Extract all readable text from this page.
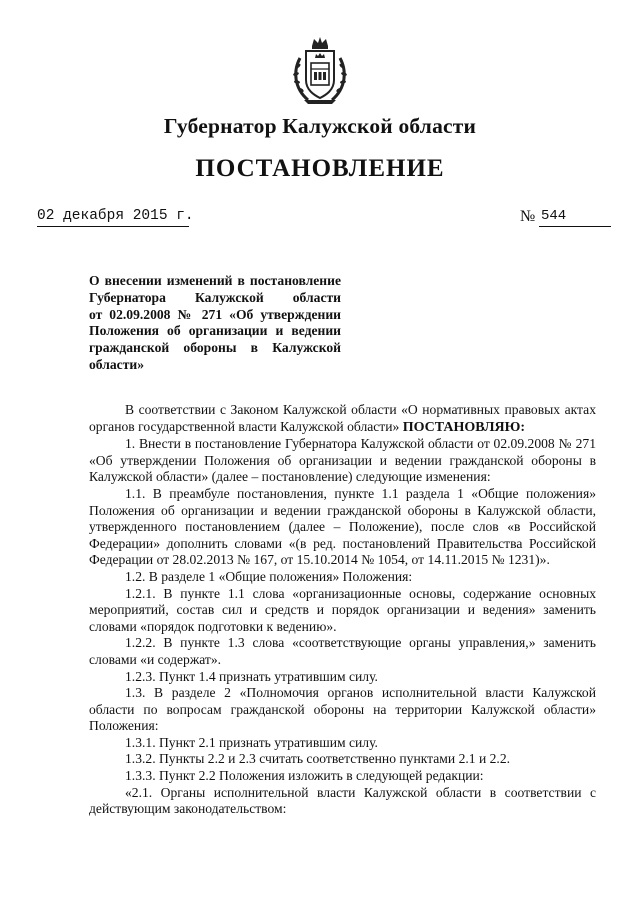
Губернатор Калужской области
ПОСТАНОВЛЕНИЕ
02 декабря 2015 г.	№ 544
О внесении изменений в постановление
Губернатора Калужской области
от 02.09.2008 № 271 «Об утверждении
Положения об организации и ведении
гражданской обороны в Калужской
области»

В соответствии с Законом Калужской области «О нормативных правовых актах органов государственной власти Калужской области» ПОСТАНОВЛЯЮ:

1. Внести в постановление Губернатора Калужской области от 02.09.2008 № 271 «Об утверждении Положения об организации и ведении гражданской обороны в Калужской области» (далее – постановление) следующие изменения:

1.1. В преамбуле постановления, пункте 1.1 раздела 1 «Общие положения» Положения об организации и ведении гражданской обороны в Калужской области, утвержденного постановлением (далее – Положение), после слов «в Российской Федерации» дополнить словами «(в ред. постановлений Правительства Российской Федерации от 28.02.2013 № 167, от 15.10.2014 № 1054, от 14.11.2015 № 1231)».

1.2. В разделе 1 «Общие положения» Положения:

1.2.1. В пункте 1.1 слова «организационные основы, содержание основных мероприятий, состав сил и средств и порядок организации и ведения» заменить словами «порядок подготовки к ведению».

1.2.2. В пункте 1.3 слова «соответствующие органы управления,» заменить словами «и содержат».

1.2.3. Пункт 1.4 признать утратившим силу.

1.3. В разделе 2 «Полномочия органов исполнительной власти Калужской области по вопросам гражданской обороны на территории Калужской области» Положения:

1.3.1. Пункт 2.1 признать утратившим силу.

1.3.2. Пункты 2.2 и 2.3 считать соответственно пунктами 2.1 и 2.2.

1.3.3. Пункт 2.2 Положения изложить в следующей редакции:

«2.1. Органы исполнительной власти Калужской области в соответствии с действующим законодательством:
